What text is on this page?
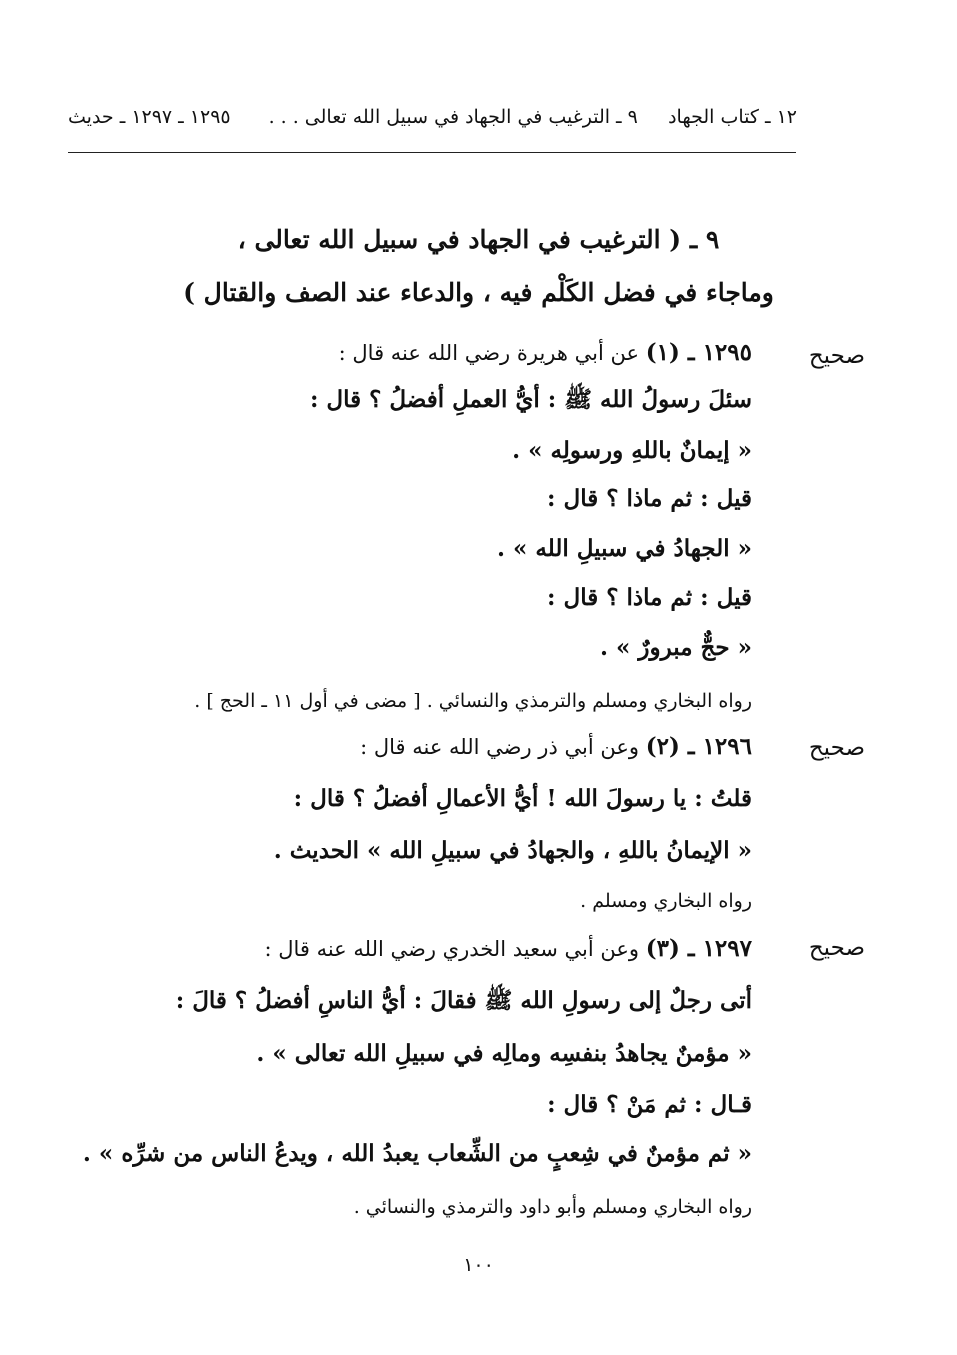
١٢ ـ كتاب الجهاد     ٩ ـ الترغيب في الجهاد في سبيل الله تعالى . . .
١٢٩٥ ـ ١٢٩٧ ـ حديث
٩ ـ ( الترغيب في الجهاد في سبيل الله تعالى ،
وماجاء في فضل الكَلْم فيه ، والدعاء عند الصف والقتال )
صحيح
١٢٩٥ ـ (١) عن أبي هريرة رضي الله عنه قال :
سئلَ رسولُ الله ﷺ : أيُّ العملِ أفضلُ ؟ قال :
« إيمانٌ باللهِ ورسولِه » .
قيل : ثم ماذا ؟ قال :
« الجهادُ في سبيلِ الله » .
قيل : ثم ماذا ؟ قال :
« حجٌّ مبرورٌ » .
رواه البخاري ومسلم والترمذي والنسائي . [ مضى في أول ١١ ـ الحج ] .
صحيح
١٢٩٦ ـ (٢) وعن أبي ذر رضي الله عنه قال :
قلتُ : يا رسولَ الله ! أيُّ الأعمالِ أفضلُ ؟ قال :
« الإيمانُ باللهِ ، والجهادُ في سبيلِ الله » الحديث .
رواه البخاري ومسلم .
صحيح
١٢٩٧ ـ (٣) وعن أبي سعيد الخدري رضي الله عنه قال :
أتى رجلٌ إلى رسولِ الله ﷺ فقالَ : أيُّ الناسِ أفضلُ ؟ قالَ :
« مؤمنٌ يجاهدُ بنفسِه ومالِه في سبيلِ الله تعالى » .
قـال : ثم مَنْ ؟ قال :
« ثم مؤمنٌ في شِعبٍ من الشِّعاب يعبدُ الله ، ويدعُ الناس من شرِّه » .
رواه البخاري ومسلم وأبو داود والترمذي والنسائي .
١٠٠
